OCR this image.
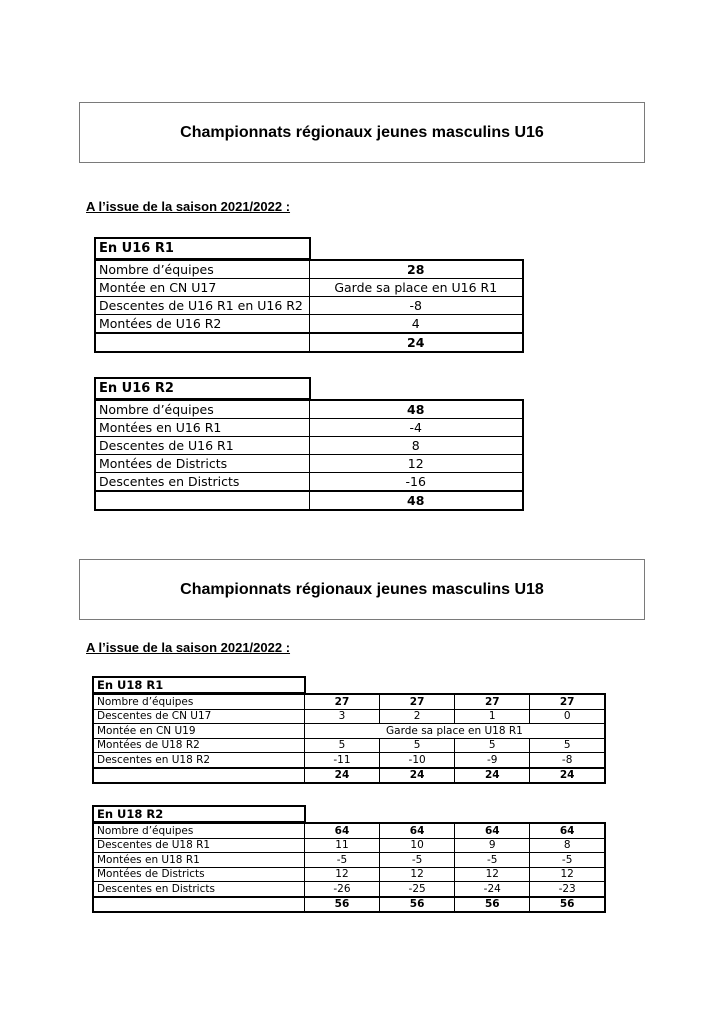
Championnats régionaux jeunes masculins U16
A l’issue de la saison 2021/2022 :
En U16 R1
Nombre d’équipes	28
Montée en CN U17	Garde sa place en U16 R1
Descentes de U16 R1 en U16 R2	-8
Montées de U16 R2	4
	24
En U16 R2
Nombre d’équipes	48
Montées en U16 R1	-4
Descentes de U16 R1	8
Montées de Districts	12
Descentes en Districts	-16
	48
Championnats régionaux jeunes masculins U18
A l’issue de la saison 2021/2022 :
En U18 R1
Nombre d’équipes	27	27	27	27
Descentes de CN U17	3	2	1	0
Montée en CN U19	Garde sa place en U18 R1			
Montées de U18 R2	5	5	5	5
Descentes en U18 R2	-11	-10	-9	-8
	24	24	24	24
En U18 R2
Nombre d’équipes	64	64	64	64
Descentes de U18 R1	11	10	9	8
Montées en U18 R1	-5	-5	-5	-5
Montées de Districts	12	12	12	12
Descentes en Districts	-26	-25	-24	-23
	56	56	56	56
